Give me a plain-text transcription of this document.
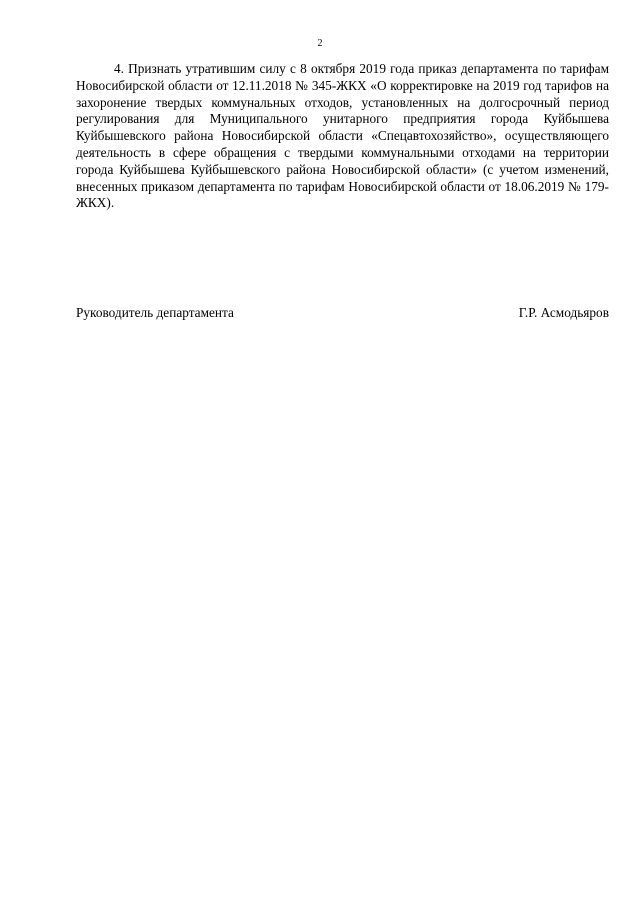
2

4. Признать утратившим силу с 8 октября 2019 года приказ департамента по тарифам Новосибирской области от 12.11.2018 № 345-ЖКХ «О корректировке на 2019 год тарифов на захоронение твердых коммунальных отходов, установленных на долгосрочный период регулирования для Муниципального унитарного предприятия города Куйбышева Куйбышевского района Новосибирской области «Спецавтохозяйство», осуществляющего деятельность в сфере обращения с твердыми коммунальными отходами на территории города Куйбышева Куйбышевского района Новосибирской области» (с учетом изменений, внесенных приказом департамента по тарифам Новосибирской области от 18.06.2019 № 179-ЖКХ).

Руководитель департамента	Г.Р. Асмодьяров
